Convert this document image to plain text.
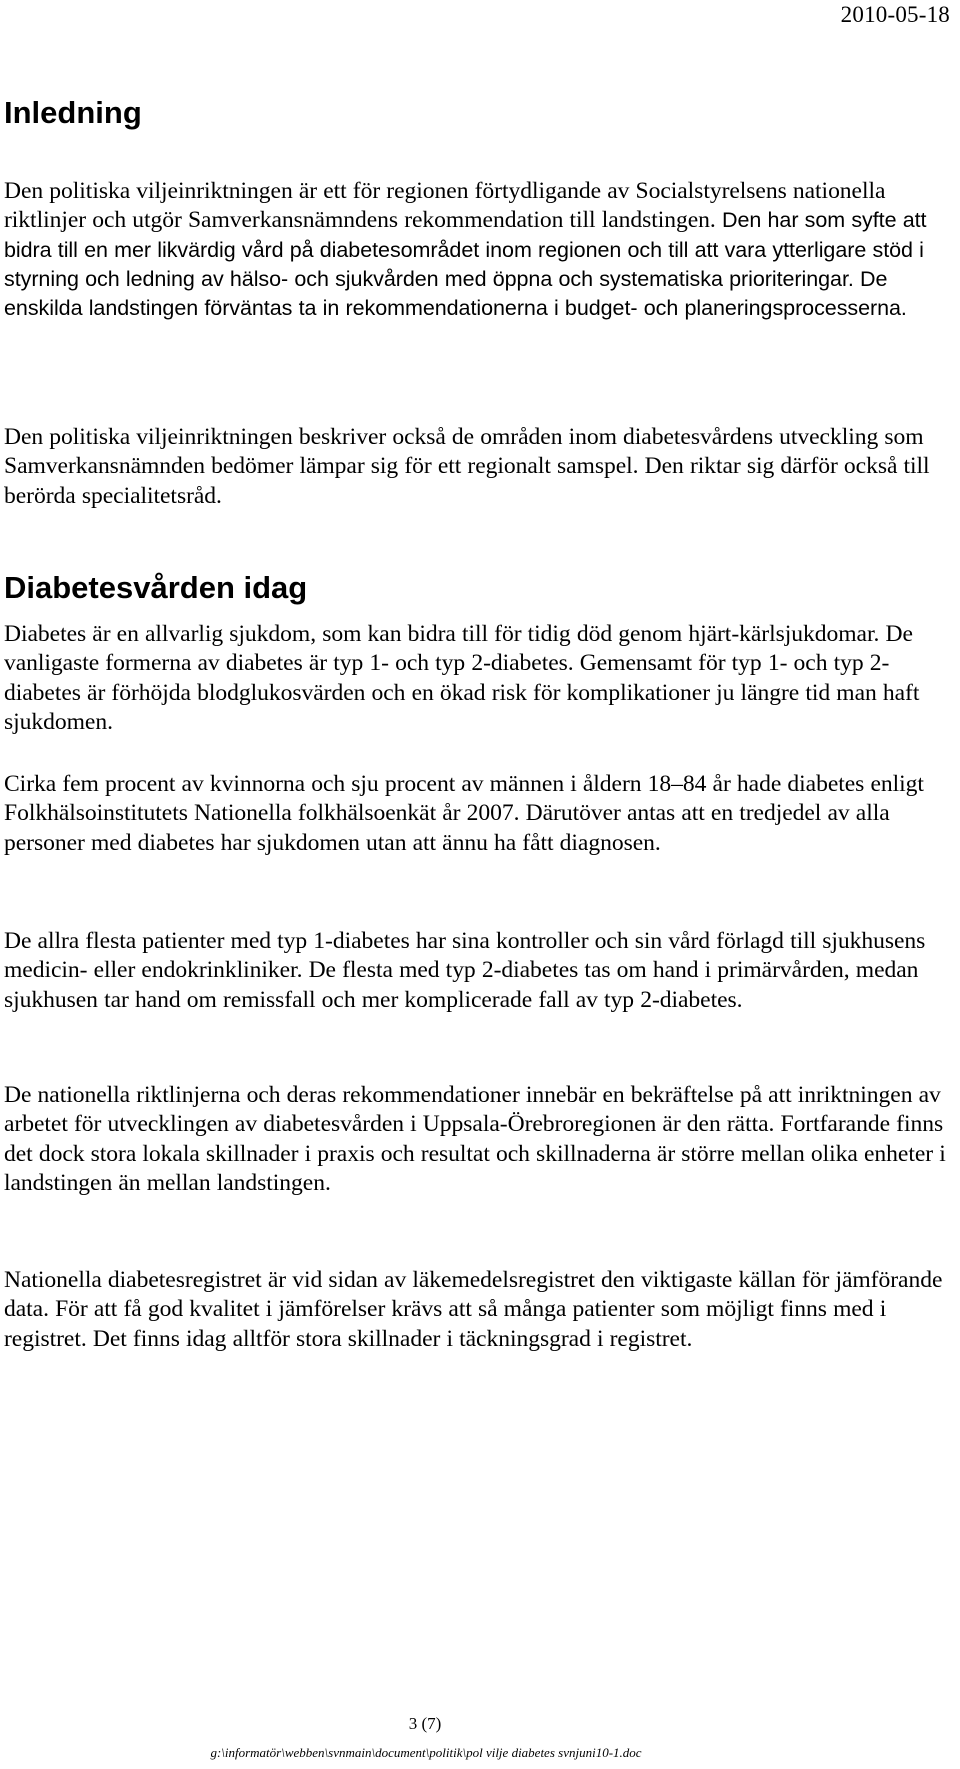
2010-05-18
Inledning

Den politiska viljeinriktningen är ett för regionen förtydligande av Socialstyrelsens nationella riktlinjer och utgör Samverkansnämndens rekommendation till landstingen. Den har som syfte att bidra till en mer likvärdig vård på diabetesområdet inom regionen och till att vara ytterligare stöd i styrning och ledning av hälso- och sjukvården med öppna och systematiska prioriteringar. De enskilda landstingen förväntas ta in rekommendationerna i budget- och planeringsprocesserna.

Den politiska viljeinriktningen beskriver också de områden inom diabetesvårdens utveckling som Samverkansnämnden bedömer lämpar sig för ett regionalt samspel. Den riktar sig därför också till berörda specialitetsråd.

Diabetesvården idag

Diabetes är en allvarlig sjukdom, som kan bidra till för tidig död genom hjärt-kärlsjukdomar. De vanligaste formerna av diabetes är typ 1- och typ 2-diabetes. Gemensamt för typ 1- och typ 2-diabetes är förhöjda blodglukosvärden och en ökad risk för komplikationer ju längre tid man haft sjukdomen.

Cirka fem procent av kvinnorna och sju procent av männen i åldern 18–84 år hade diabetes enligt Folkhälsoinstitutets Nationella folkhälsoenkät år 2007. Därutöver antas att en tredjedel av alla personer med diabetes har sjukdomen utan att ännu ha fått diagnosen.

De allra flesta patienter med typ 1-diabetes har sina kontroller och sin vård förlagd till sjukhusens medicin- eller endokrinkliniker. De flesta med typ 2-diabetes tas om hand i primärvården, medan sjukhusen tar hand om remissfall och mer komplicerade fall av typ 2-diabetes.

De nationella riktlinjerna och deras rekommendationer innebär en bekräftelse på att inriktningen av arbetet för utvecklingen av diabetesvården i Uppsala-Örebroregionen är den rätta. Fortfarande finns det dock stora lokala skillnader i praxis och resultat och skillnaderna är större mellan olika enheter i landstingen än mellan landstingen.

Nationella diabetesregistret är vid sidan av läkemedelsregistret den viktigaste källan för jämförande data. För att få god kvalitet i jämförelser krävs att så många patienter som möjligt finns med i registret. Det finns idag alltför stora skillnader i täckningsgrad i registret.

3 (7)
g:\informatör\webben\svnmain\document\politik\pol vilje diabetes svnjuni10-1.doc
